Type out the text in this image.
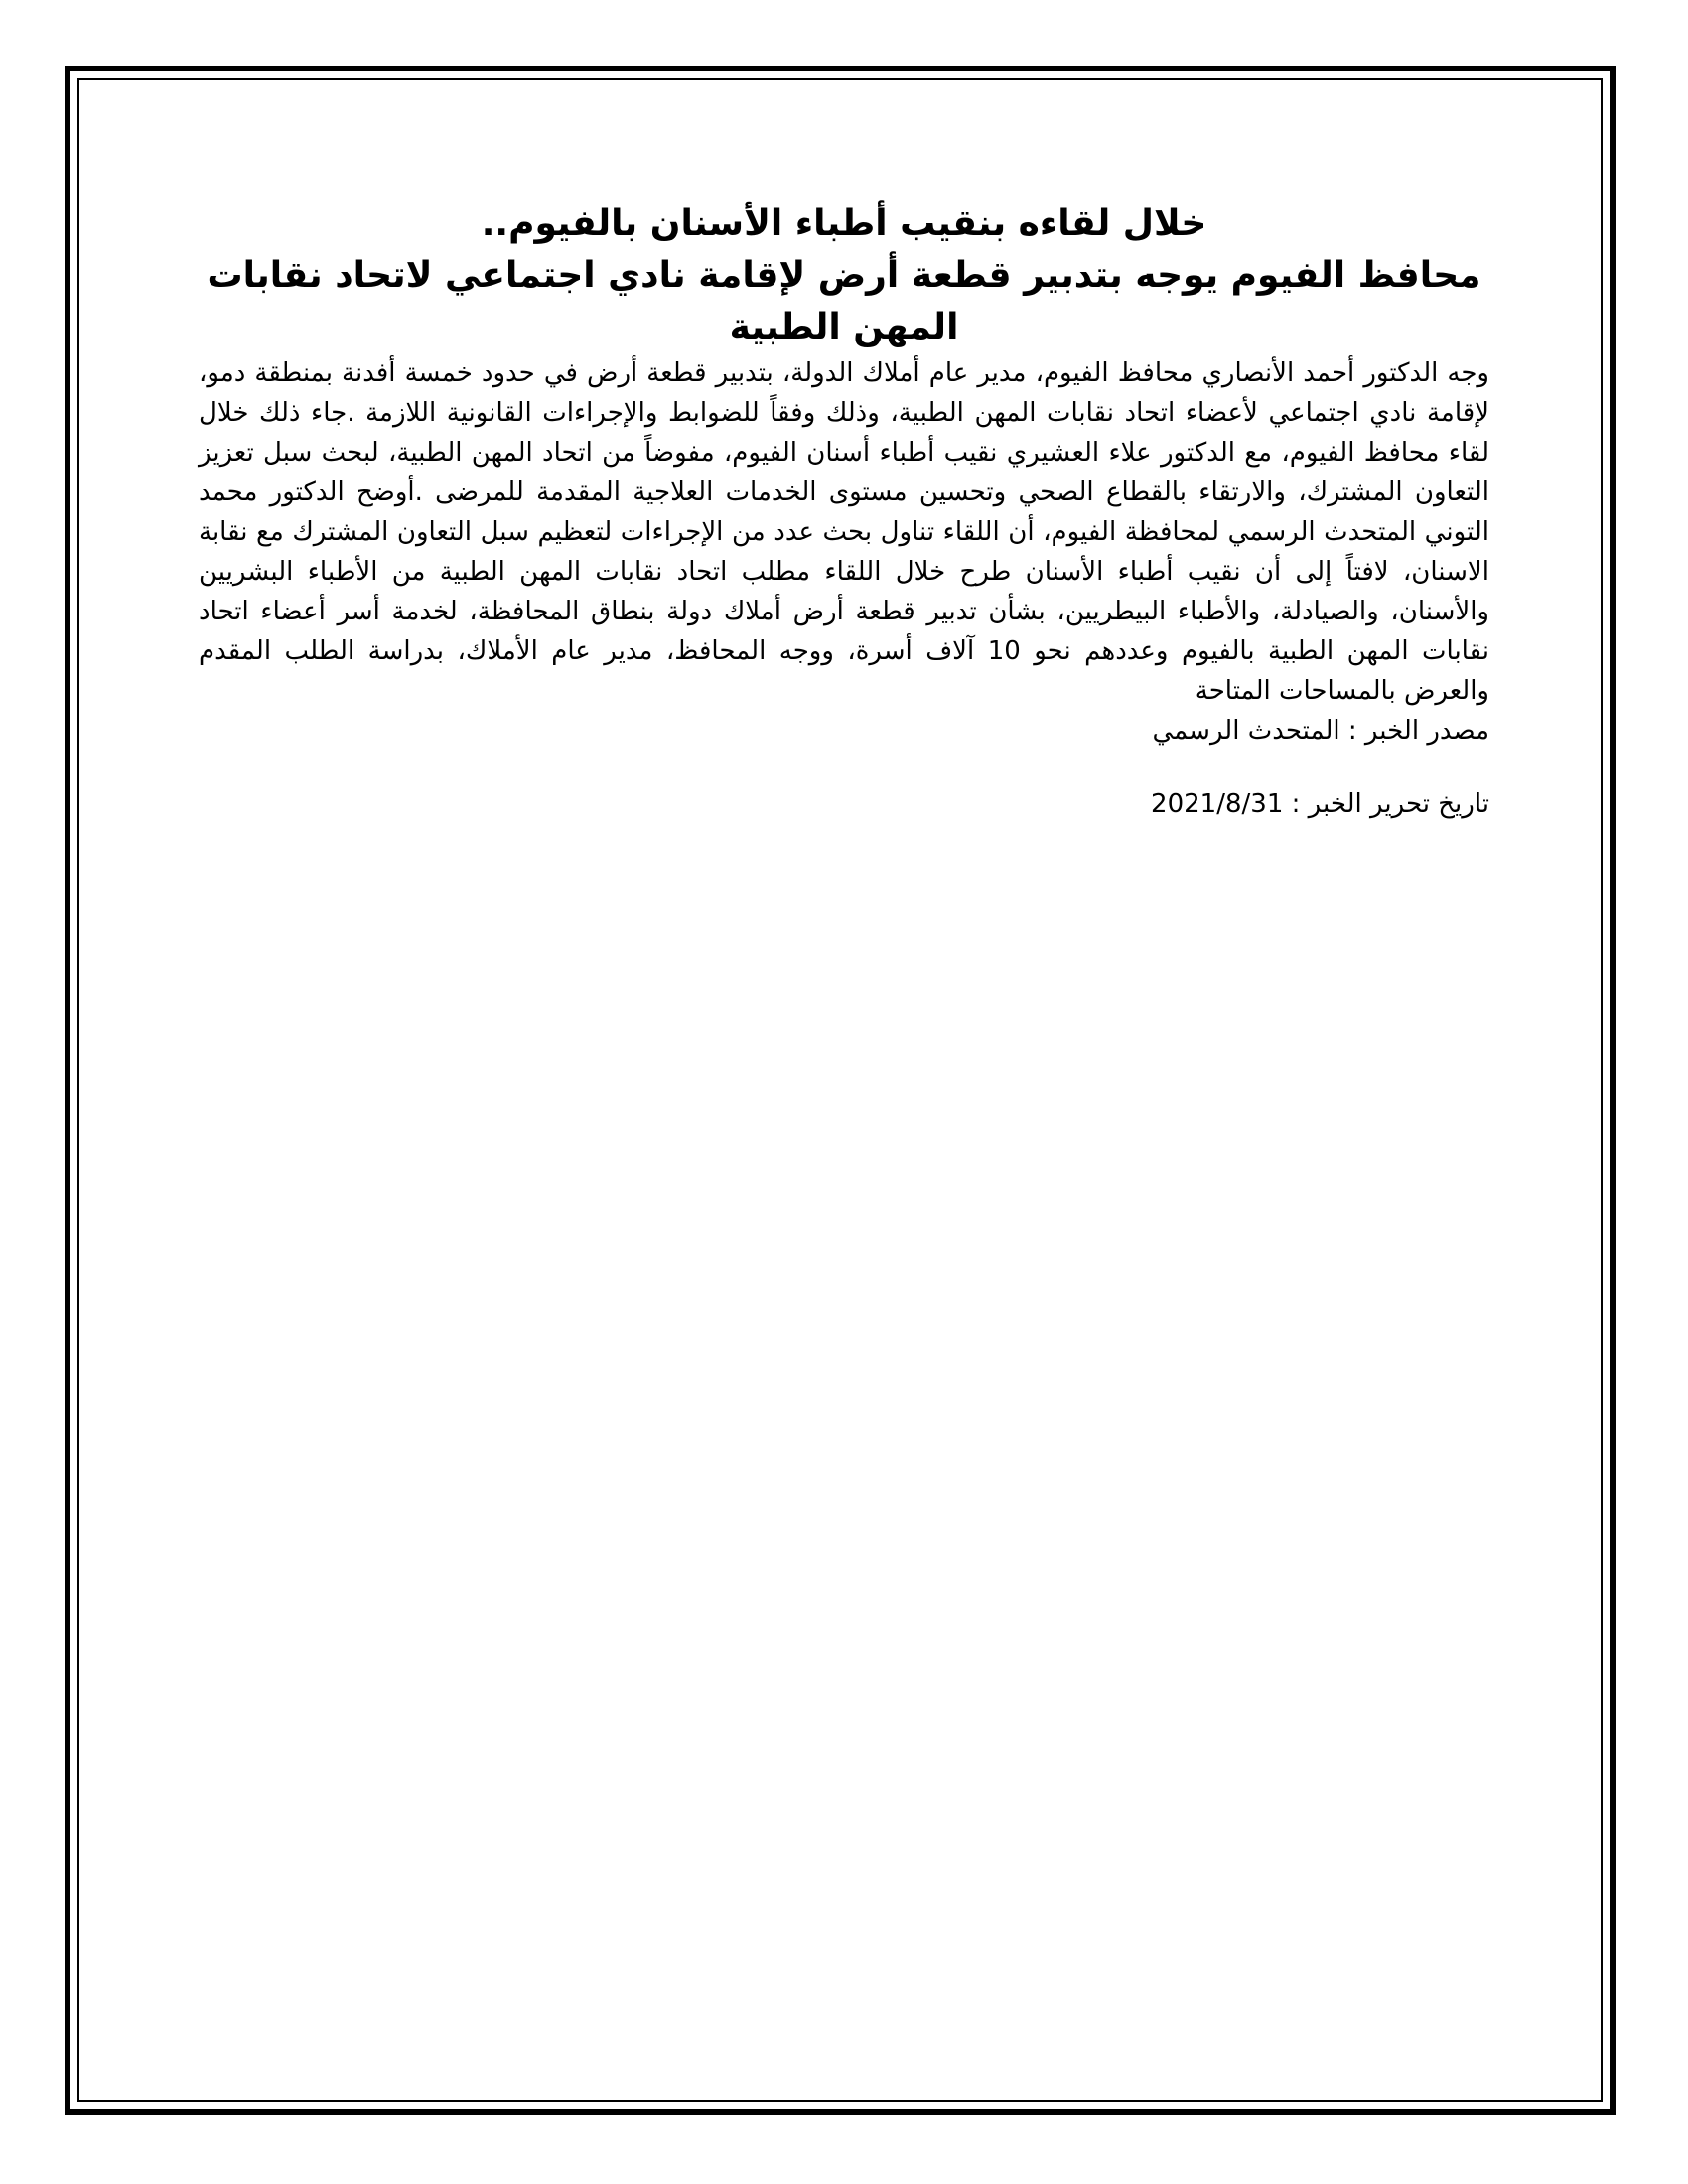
خلال لقاءه بنقيب أطباء الأسنان بالفيوم..
محافظ الفيوم يوجه بتدبير قطعة أرض لإقامة نادي اجتماعي لاتحاد نقابات المهن الطبية

وجه الدكتور أحمد الأنصاري محافظ الفيوم، مدير عام أملاك الدولة، بتدبير قطعة أرض في حدود خمسة أفدنة بمنطقة دمو، لإقامة نادي اجتماعي لأعضاء اتحاد نقابات المهن الطبية، وذلك وفقاً للضوابط والإجراءات القانونية اللازمة .جاء ذلك خلال لقاء محافظ الفيوم، مع الدكتور علاء العشيري نقيب أطباء أسنان الفيوم، مفوضاً من اتحاد المهن الطبية، لبحث سبل تعزيز التعاون المشترك، والارتقاء بالقطاع الصحي وتحسين مستوى الخدمات العلاجية المقدمة للمرضى .أوضح الدكتور محمد التوني المتحدث الرسمي لمحافظة الفيوم، أن اللقاء تناول بحث عدد من الإجراءات لتعظيم سبل التعاون المشترك مع نقابة الاسنان، لافتاً إلى أن نقيب أطباء الأسنان طرح خلال اللقاء مطلب اتحاد نقابات المهن الطبية من الأطباء البشريين والأسنان، والصيادلة، والأطباء البيطريين، بشأن تدبير قطعة أرض أملاك دولة بنطاق المحافظة، لخدمة أسر أعضاء اتحاد نقابات المهن الطبية بالفيوم وعددهم نحو 10 آلاف أسرة، ووجه المحافظ، مدير عام الأملاك، بدراسة الطلب المقدم والعرض بالمساحات المتاحة

مصدر الخبر : المتحدث الرسمي

تاريخ تحرير الخبر : 2021/8/31
